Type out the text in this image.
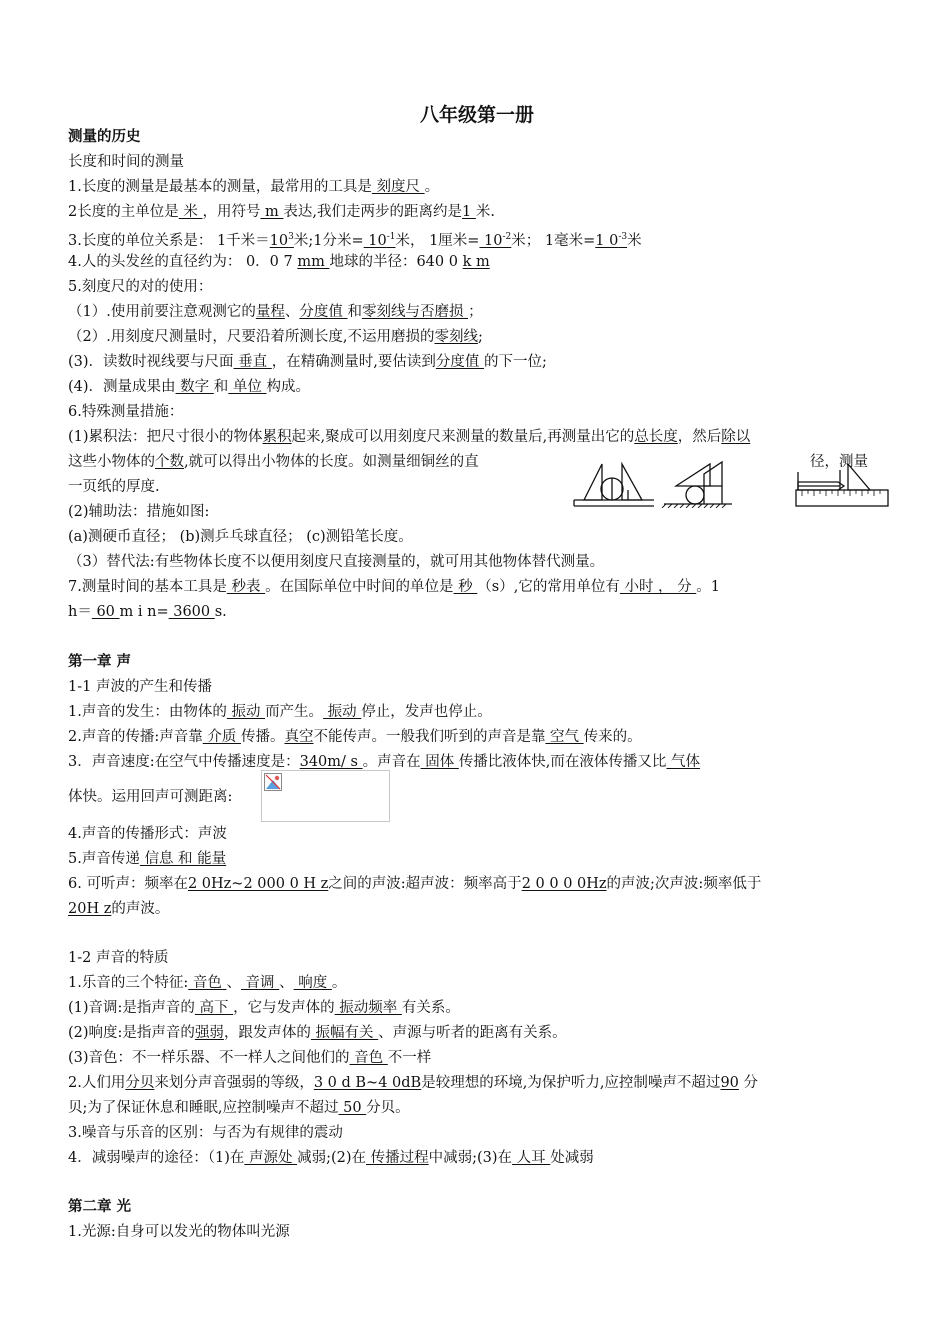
八年级第一册
测量的历史
长度和时间的测量
1.长度的测量是最基本的测量，最常用的工具是 刻度尺 。
2长度的主单位是 米 ，用符号 m 表达,我们走两步的距离约是1 米.
3.长度的单位关系是： 1千米$=10^3$米;1分米= $10^{-1}$米， 1厘米= $10^{-2}$米； 1毫米=1 $0^{-3}$米
4.人的头发丝的直径约为： 0．0 7 mm 地球的半径：640 0 k m
5.刻度尺的对的使用：
（1）.使用前要注意观测它的量程、分度值 和零刻线与否磨损 ；
（2）.用刻度尺测量时，尺要沿着所测长度,不运用磨损的零刻线;
(3)．读数时视线要与尺面 垂直 ，在精确测量时,要估读到分度值 的下一位;
(4)．测量成果由 数字 和 单位 构成。
6.特殊测量措施：
(1)累积法：把尺寸很小的物体累积起来,聚成可以用刻度尺来测量的数量后,再测量出它的总长度，然后除以
这些小物体的个数,就可以得出小物体的长度。如测量细铜丝的直	径，测量
一页纸的厚度.
(2)辅助法：措施如图:
(a)测硬币直径； (b)测乒乓球直径； (c)测铅笔长度。
（3）替代法:有些物体长度不以便用刻度尺直接测量的，就可用其他物体替代测量。
7.测量时间的基本工具是 秒表 。在国际单位中时间的单位是 秒 （s）,它的常用单位有 小时 ， 分 。1
h＝ 60 m i n= 3600 s.
第一章 声
1-1 声波的产生和传播
1.声音的发生：由物体的 振动 而产生。 振动 停止，发声也停止。
2.声音的传播:声音靠 介质 传播。真空不能传声。一般我们听到的声音是靠 空气 传来的。
3．声音速度:在空气中传播速度是：340m/ s 。声音在 固体 传播比液体快,而在液体传播又比 气体
体快。运用回声可测距离:
4.声音的传播形式：声波
5.声音传递 信息 和 能量
6. 可听声：频率在2 0Hz~2 000 0 H z之间的声波:超声波：频率高于2 0 0 0 0Hz的声波;次声波:频率低于
20H z的声波。
1-2 声音的特质
1.乐音的三个特征: 音色 、 音调 、 响度 。
(1)音调:是指声音的 高下 ，它与发声体的 振动频率 有关系。
(2)响度:是指声音的强弱，跟发声体的 振幅有关 、声源与听者的距离有关系。
(3)音色：不一样乐器、不一样人之间他们的 音色 不一样
2.人们用分贝来划分声音强弱的等级，3 0 d B~4 0dB是较理想的环境,为保护听力,应控制噪声不超过90 分
贝;为了保证休息和睡眠,应控制噪声不超过 50 分贝。
3.噪音与乐音的区别：与否为有规律的震动
4．减弱噪声的途径：（1)在 声源处 减弱;(2)在 传播过程中减弱;(3)在 人耳 处减弱
第二章 光
1.光源:自身可以发光的物体叫光源
